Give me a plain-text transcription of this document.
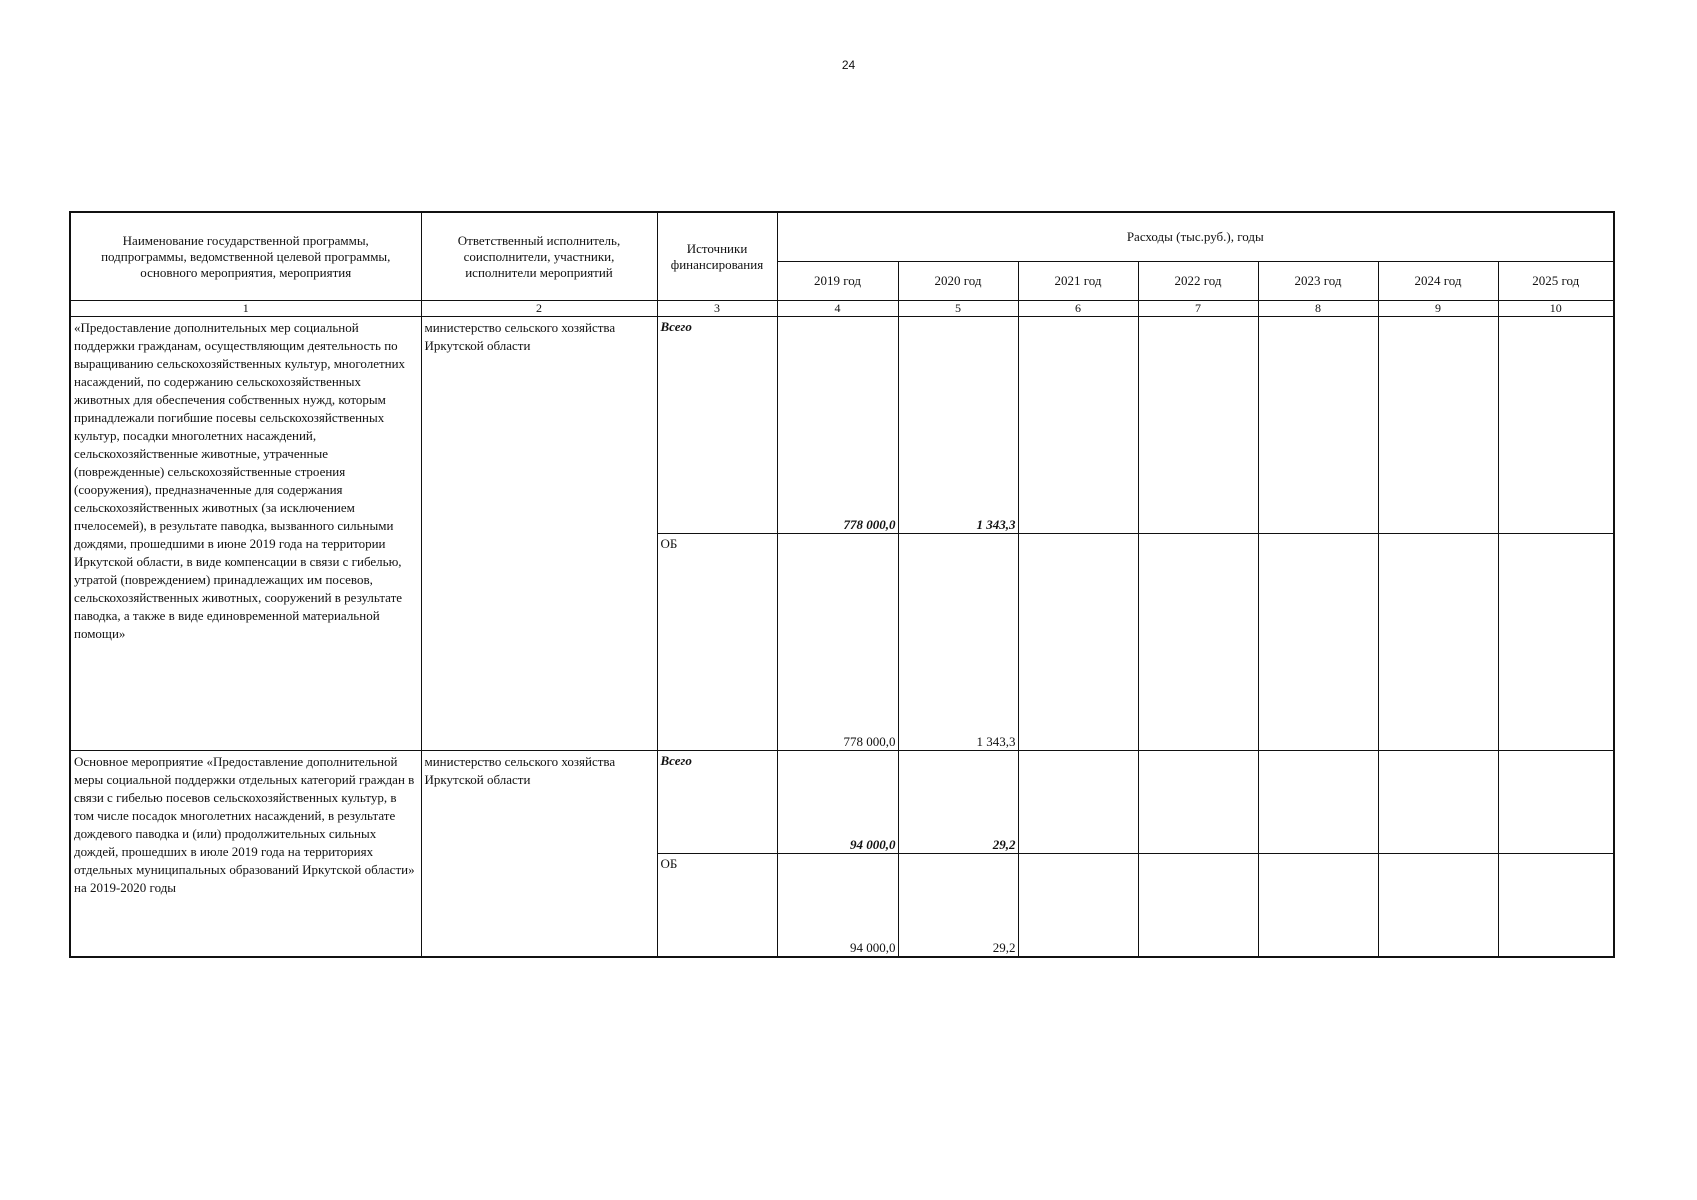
24
Наименование государственной программы, подпрограммы, ведомственной целевой программы, основного мероприятия, мероприятия	Ответственный исполнитель, соисполнители, участники, исполнители мероприятий	Источники финансирования	Расходы (тыс.руб.), годы						
			2019 год	2020 год	2021 год	2022 год	2023 год	2024 год	2025 год
1	2	3	4	5	6	7	8	9	10
«Предоставление дополнительных мер социальной поддержки гражданам, осуществляющим деятельность по выращиванию сельскохозяйственных культур, многолетних насаждений, по содержанию сельскохозяйственных животных для обеспечения собственных нужд, которым принадлежали погибшие посевы сельскохозяйственных культур, посадки многолетних насаждений, сельскохозяйственные животные, утраченные (поврежденные) сельскохозяйственные строения (сооружения), предназначенные для содержания сельскохозяйственных животных (за исключением пчелосемей), в результате паводка, вызванного сильными дождями, прошедшими в июне 2019 года на территории Иркутской области, в виде компенсации в связи с гибелью, утратой (повреждением) принадлежащих им посевов, сельскохозяйственных животных, сооружений в результате паводка, а также в виде единовременной материальной помощи»	министерство сельского хозяйства Иркутской области	Всего	778 000,0	1 343,3					
		ОБ	778 000,0	1 343,3					
Основное мероприятие «Предоставление дополнительной меры социальной поддержки отдельных категорий граждан в связи с гибелью посевов сельскохозяйственных культур, в том числе посадок многолетних насаждений, в результате дождевого паводка и (или) продолжительных сильных дождей, прошедших в июле 2019 года на территориях отдельных муниципальных образований Иркутской области» на 2019-2020 годы	министерство сельского хозяйства Иркутской области	Всего	94 000,0	29,2					
		ОБ	94 000,0	29,2					
